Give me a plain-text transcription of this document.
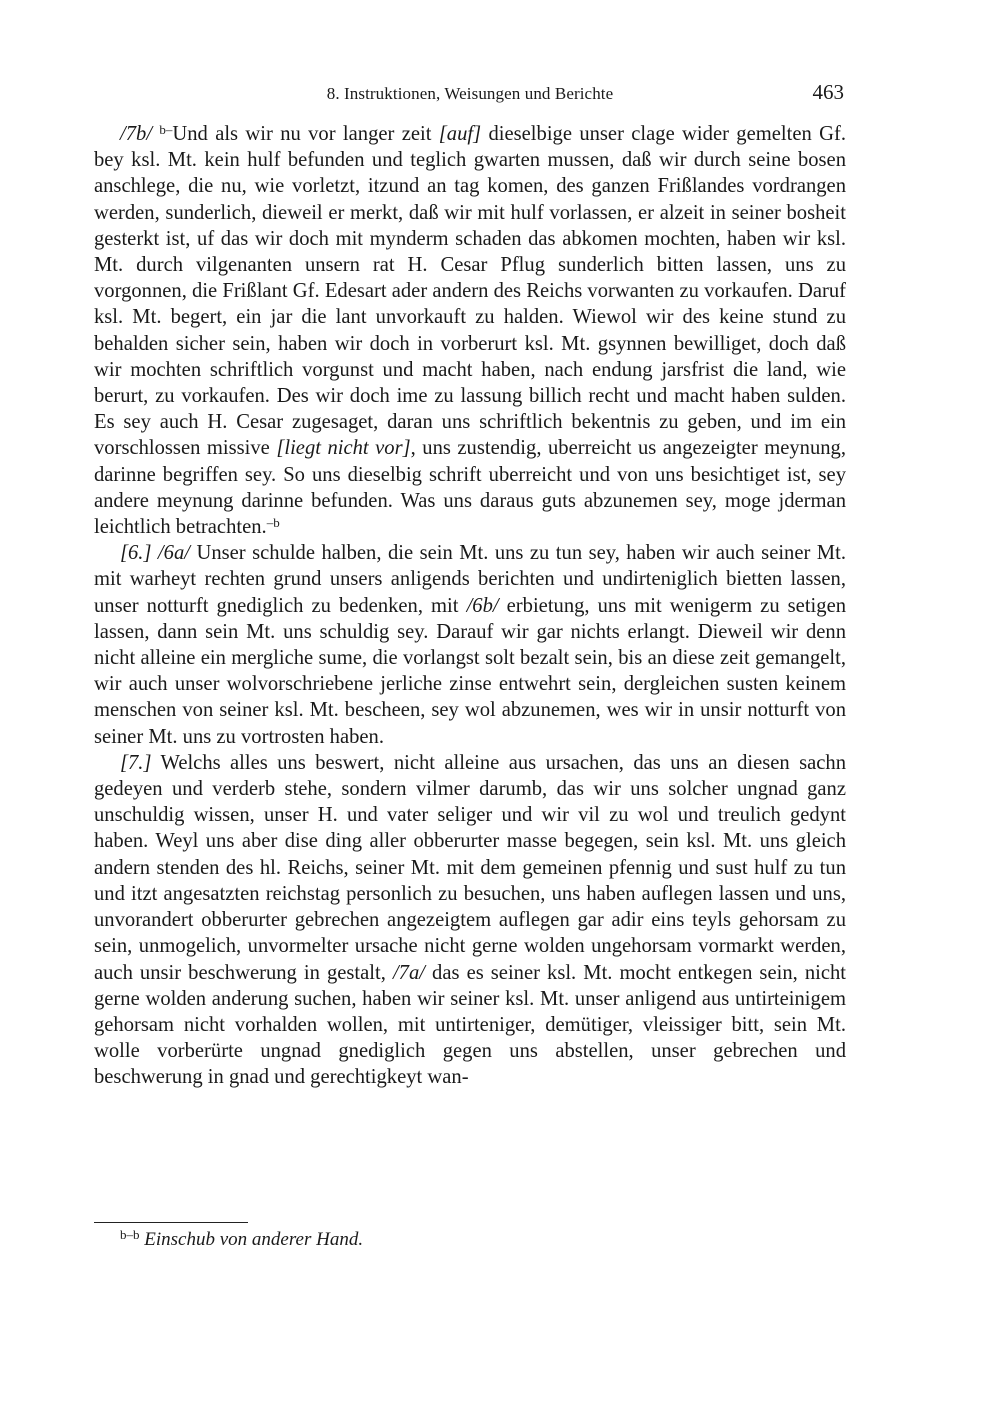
8. Instruktionen, Weisungen und Berichte	463

/7b/ $^{b-}$Und als wir nu vor langer zeit [auf] dieselbige unser clage wider gemelten Gf. bey ksl. Mt. kein hulf befunden und teglich gwarten mussen, daß wir durch seine bosen anschlege, die nu, wie vorletzt, itzund an tag komen, des ganzen Frißlandes vordrangen werden, sunderlich, dieweil er merkt, daß wir mit hulf vorlassen, er alzeit in seiner bosheit gesterkt ist, uf das wir doch mit mynderm schaden das abkomen mochten, haben wir ksl. Mt. durch vilgenanten unsern rat H. Cesar Pflug sunderlich bitten lassen, uns zu vorgonnen, die Frißlant Gf. Edesart ader andern des Reichs vorwanten zu vorkaufen. Daruf ksl. Mt. begert, ein jar die lant unvorkauft zu halden. Wiewol wir des keine stund zu behalden sicher sein, haben wir doch in vorberurt ksl. Mt. gsynnen bewilliget, doch daß wir mochten schriftlich vorgunst und macht haben, nach endung jarsfrist die land, wie berurt, zu vorkaufen. Des wir doch ime zu lassung billich recht und macht haben sulden. Es sey auch H. Cesar zugesaget, daran uns schriftlich bekentnis zu geben, und im ein vorschlossen missive [liegt nicht vor], uns zustendig, uberreicht us angezeigter meynung, darinne begriffen sey. So uns dieselbig schrift uberreicht und von uns besichtiget ist, sey andere meynung darinne befunden. Was uns daraus guts abzunemen sey, moge jderman leichtlich betrachten.$^{-b}$

[6.] /6a/ Unser schulde halben, die sein Mt. uns zu tun sey, haben wir auch seiner Mt. mit warheyt rechten grund unsers anligends berichten und undirteniglich bietten lassen, unser notturft gnediglich zu bedenken, mit /6b/ erbietung, uns mit wenigerm zu setigen lassen, dann sein Mt. uns schuldig sey. Darauf wir gar nichts erlangt. Dieweil wir denn nicht alleine ein mergliche sume, die vorlangst solt bezalt sein, bis an diese zeit gemangelt, wir auch unser wolvorschriebene jerliche zinse entwehrt sein, dergleichen susten keinem menschen von seiner ksl. Mt. bescheen, sey wol abzunemen, wes wir in unsir notturft von seiner Mt. uns zu vortrosten haben.

[7.] Welchs alles uns beswert, nicht alleine aus ursachen, das uns an diesen sachn gedeyen und verderb stehe, sondern vilmer darumb, das wir uns solcher ungnad ganz unschuldig wissen, unser H. und vater seliger und wir vil zu wol und treulich gedynt haben. Weyl uns aber dise ding aller obberurter masse begegen, sein ksl. Mt. uns gleich andern stenden des hl. Reichs, seiner Mt. mit dem gemeinen pfennig und sust hulf zu tun und itzt angesatzten reichstag personlich zu besuchen, uns haben auflegen lassen und uns, unvorandert obberurter gebrechen angezeigtem auflegen gar adir eins teyls gehorsam zu sein, unmogelich, unvormelter ursache nicht gerne wolden ungehorsam vormarkt werden, auch unsir beschwerung in gestalt, /7a/ das es seiner ksl. Mt. mocht entkegen sein, nicht gerne wolden anderung suchen, haben wir seiner ksl. Mt. unser anligend aus untirteinigem gehorsam nicht vorhalden wollen, mit untirteniger, demütiger, vleissiger bitt, sein Mt. wolle vorberürte ungnad gnediglich gegen uns abstellen, unser gebrechen und beschwerung in gnad und gerechtigkeyt wan-

$^{b-b}$ Einschub von anderer Hand.
